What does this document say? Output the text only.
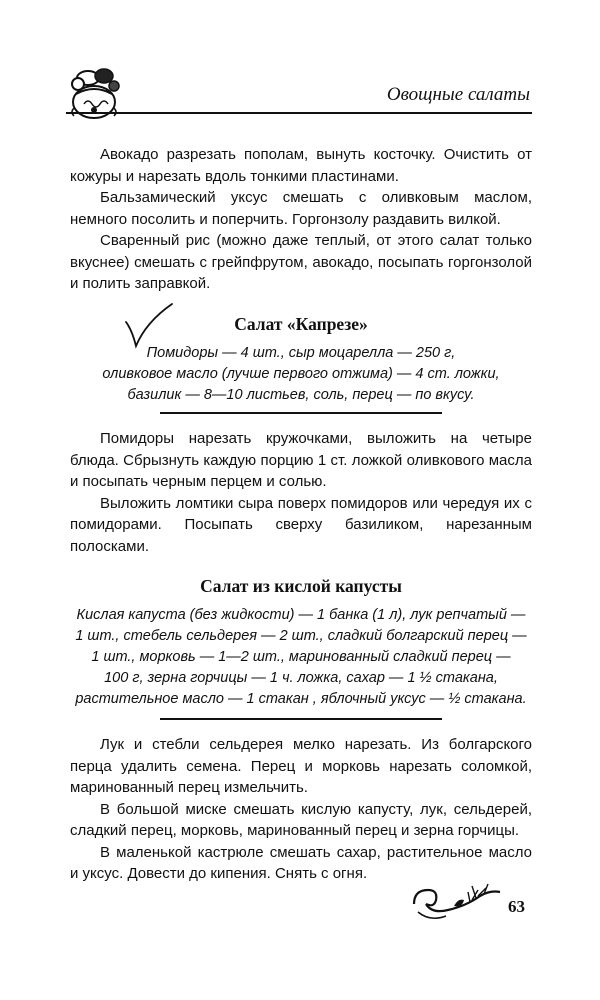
Овощные салаты

Авокадо разрезать пополам, вынуть косточку. Очистить от кожуры и нарезать вдоль тонкими пластинами.

Бальзамический уксус смешать с оливковым маслом, немного посолить и поперчить. Горгонзолу раздавить вилкой.

Сваренный рис (можно даже теплый, от этого салат только вкуснее) смешать с грейпфрутом, авокадо, посыпать горгонзолой и полить заправкой.

Салат «Капрезе»
Помидоры — 4 шт., сыр моцарелла — 250 г,
оливковое масло (лучше первого отжима) — 4 ст. ложки,
базилик — 8—10 листьев, соль, перец — по вкусу.

Помидоры нарезать кружочками, выложить на четыре блюда. Сбрызнуть каждую порцию 1 ст. ложкой оливкового масла и посыпать черным перцем и солью.

Выложить ломтики сыра поверх помидоров или чередуя их с помидорами. Посыпать сверху базиликом, нарезанным полосками.

Салат из кислой капусты
Кислая капуста (без жидкости) — 1 банка (1 л), лук репчатый —
1 шт., стебель сельдерея — 2 шт., сладкий болгарский перец —
1 шт., морковь — 1—2 шт., маринованный сладкий перец —
100 г, зерна горчицы — 1 ч. ложка, сахар — 1 ½ стакана,
растительное масло — 1 стакан , яблочный уксус — ½ стакана.

Лук и стебли сельдерея мелко нарезать. Из болгарского перца удалить семена. Перец и морковь нарезать соломкой, маринованный перец измельчить.

В большой миске смешать кислую капусту, лук, сельдерей, сладкий перец, морковь, маринованный перец и зерна горчицы.

В маленькой кастрюле смешать сахар, растительное масло и уксус. Довести до кипения. Снять с огня.

63
